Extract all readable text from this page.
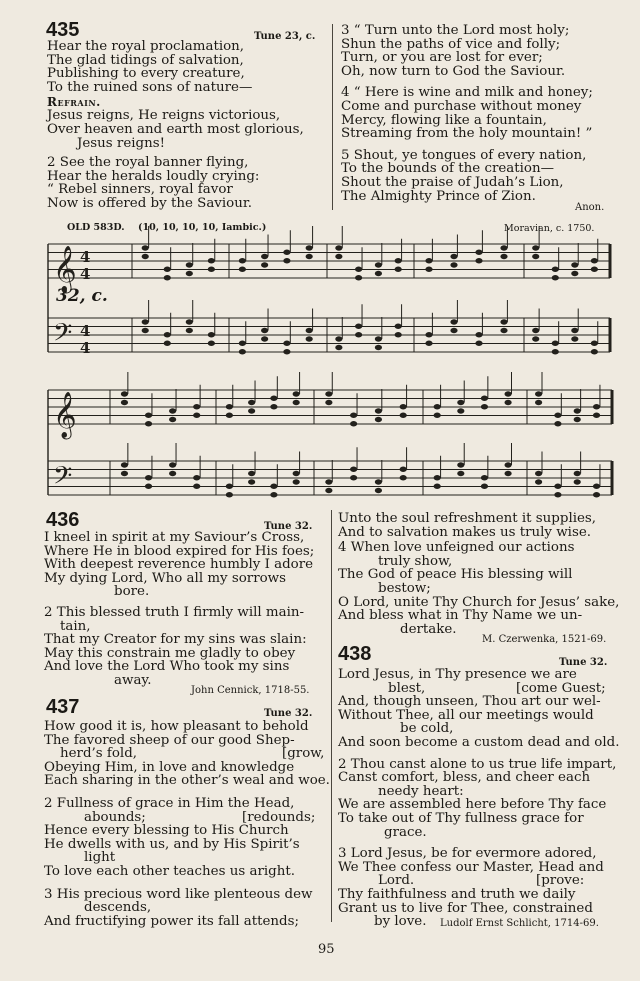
435	Tune 23, c.
Hear the royal proclamation,
The glad tidings of salvation,
Publishing to every creature,
To the ruined sons of nature—
Refrain.
Jesus reigns, He reigns victorious,
Over heaven and earth most glorious,
Jesus reigns!
2 See the royal banner flying,
Hear the heralds loudly crying:
“ Rebel sinners, royal favor
Now is offered by the Saviour.
3 “ Turn unto the Lord most holy;
Shun the paths of vice and folly;
Turn, or you are lost for ever;
Oh, now turn to God the Saviour.
4 “ Here is wine and milk and honey;
Come and purchase without money
Mercy, flowing like a fountain,
Streaming from the holy mountain! ”
5 Shout, ye tongues of every nation,
To the bounds of the creation—
Shout the praise of Judah’s Lion,
The Almighty Prince of Zion.
Anon.
OLD 583D. (10, 10, 10, 10, Iambic.)	Moravian, c. 1750.
32, c.
𝄞
𝄢
4
4
4
4
𝄞
𝄢
436	Tune 32.
I kneel in spirit at my Saviour’s Cross,
Where He in blood expired for His foes;
With deepest reverence humbly I adore
My dying Lord, Who all my sorrows
bore.
2 This blessed truth I firmly will main-
tain,
That my Creator for my sins was slain:
May this constrain me gladly to obey
And love the Lord Who took my sins
away.
John Cennick, 1718-55.
437	Tune 32.
How good it is, how pleasant to behold
The favored sheep of our good Shep-
herd’s fold,	[grow,
Obeying Him, in love and knowledge
Each sharing in the other’s weal and woe.
2 Fullness of grace in Him the Head,
abounds;	[redounds;
Hence every blessing to His Church
He dwells with us, and by His Spirit’s
light
To love each other teaches us aright.
3 His precious word like plenteous dew
descends,
And fructifying power its fall attends;
Unto the soul refreshment it supplies,
And to salvation makes us truly wise.
4 When love unfeigned our actions
truly show,
The God of peace His blessing will
bestow;
O Lord, unite Thy Church for Jesus’ sake,
And bless what in Thy Name we un-
dertake.
M. Czerwenka, 1521-69.
438	Tune 32.
Lord Jesus, in Thy presence we are
blest,	[come Guest;
And, though unseen, Thou art our wel-
Without Thee, all our meetings would
be cold,
And soon become a custom dead and old.
2 Thou canst alone to us true life impart,
Canst comfort, bless, and cheer each
needy heart:
We are assembled here before Thy face
To take out of Thy fullness grace for
grace.
3 Lord Jesus, be for evermore adored,
We Thee confess our Master, Head and
Lord.	[prove:
Thy faithfulness and truth we daily
Grant us to live for Thee, constrained
by love.	Ludolf Ernst Schlicht, 1714-69.
95
